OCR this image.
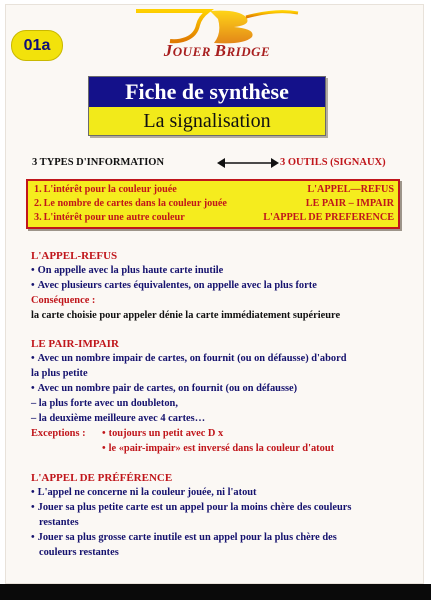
01a	JOUER BRIDGE
Fiche de synthèse
La signalisation
3 TYPES D'INFORMATION	3 OUTILS (SIGNAUX)
1. L'intérêt pour la couleur jouée	L'APPEL—REFUS
2. Le nombre de cartes dans la couleur jouée	LE PAIR – IMPAIR
3. L'intérêt pour une autre couleur	L'APPEL DE PREFERENCE
L'APPEL-REFUS
• On appelle avec la plus haute carte inutile
• Avec plusieurs cartes équivalentes, on appelle avec la plus forte
Conséquence :
la carte choisie pour appeler dénie la carte immédiatement supérieure
LE PAIR-IMPAIR
• Avec un nombre impair de cartes, on fournit (ou on défausse) d'abord
la plus petite
• Avec un nombre pair de cartes, on fournit (ou on défausse)
– la plus forte avec un doubleton,
– la deuxième meilleure avec 4 cartes…
Exceptions : • toujours un petit avec D x
• le «pair-impair» est inversé dans la couleur d'atout
L'APPEL DE PRÉFÉRENCE
• L'appel ne concerne ni la couleur jouée, ni l'atout
• Jouer sa plus petite carte est un appel pour la moins chère des couleurs
restantes
• Jouer sa plus grosse carte inutile est un appel pour la plus chère des
couleurs restantes
